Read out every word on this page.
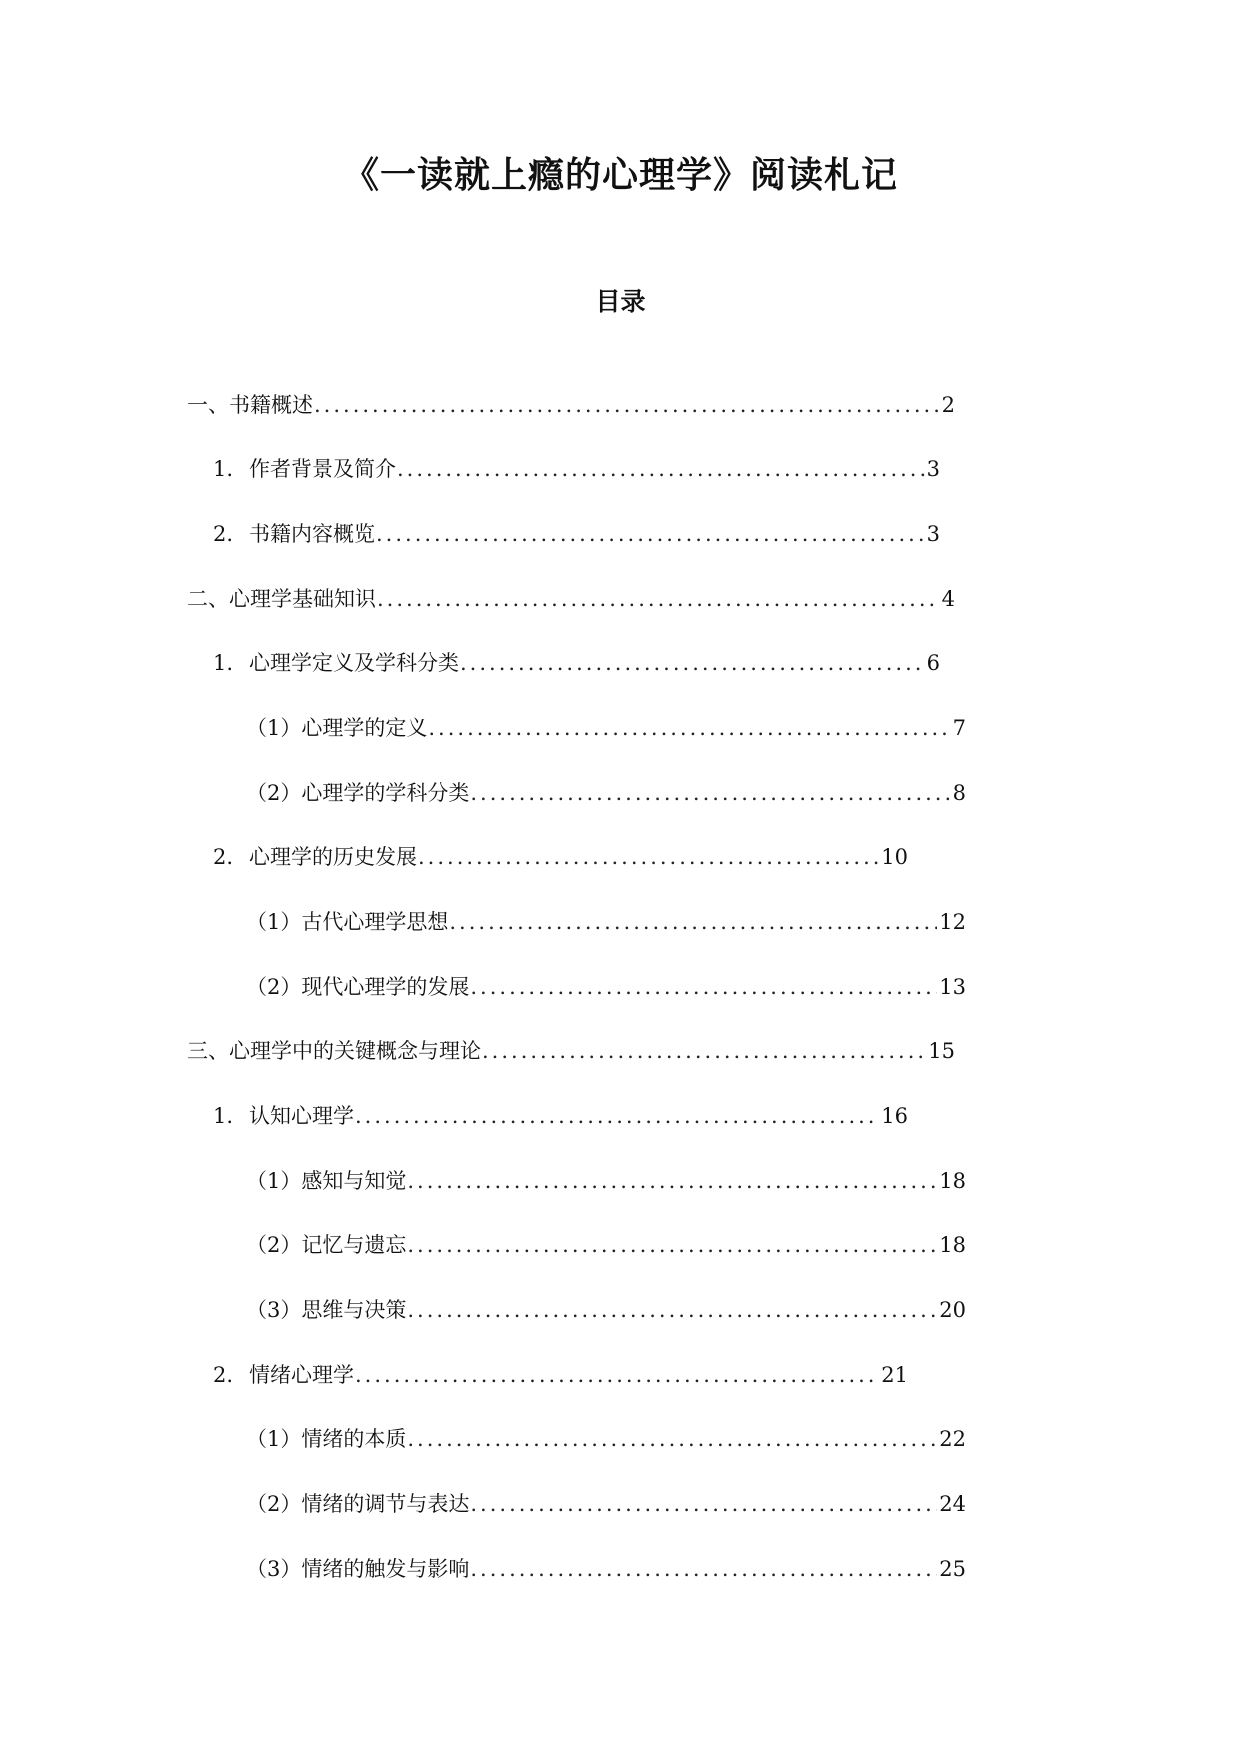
《一读就上瘾的心理学》阅读札记
目录
一、书籍概述 .....	2
1. 作者背景及简介 .....	3
2. 书籍内容概览 .....	3
二、心理学基础知识 .....	4
1. 心理学定义及学科分类 .....	6
（1）心理学的定义 .....	7
（2）心理学的学科分类 .....	8
2. 心理学的历史发展 .....	10
（1）古代心理学思想 .....	12
（2）现代心理学的发展 .....	13
三、心理学中的关键概念与理论 .....	15
1. 认知心理学 .....	16
（1）感知与知觉 .....	18
（2）记忆与遗忘 .....	18
（3）思维与决策 .....	20
2. 情绪心理学 .....	21
（1）情绪的本质 .....	22
（2）情绪的调节与表达 .....	24
（3）情绪的触发与影响 .....	25
